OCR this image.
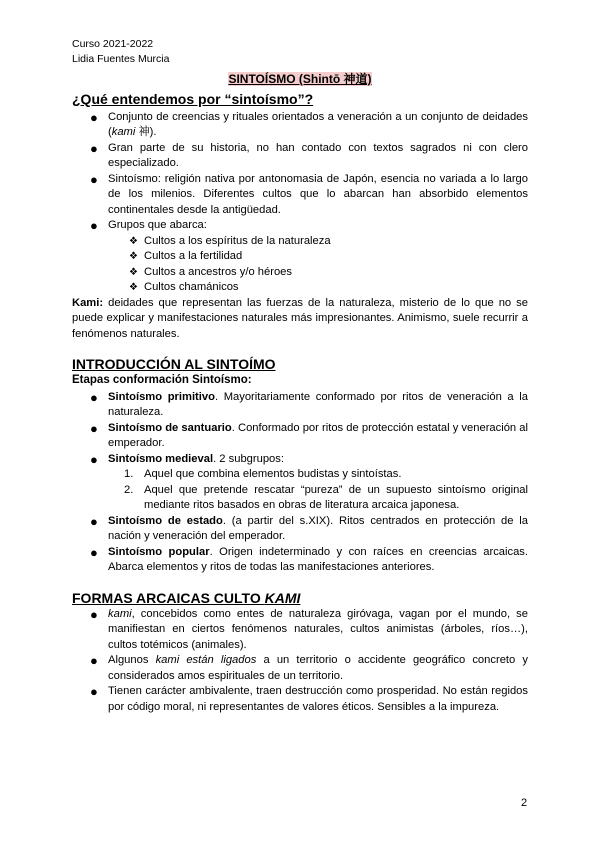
Curso 2021-2022
Lidia Fuentes Murcia
SINTOÍSMO (Shintō 神道)
¿Qué entendemos por “sintoísmo”?
● Conjunto de creencias y rituales orientados a veneración a un conjunto de deidades (kami 神).
● Gran parte de su historia, no han contado con textos sagrados ni con clero especializado.
● Sintoísmo: religión nativa por antonomasia de Japón, esencia no variada a lo largo de los milenios. Diferentes cultos que lo abarcan han absorbido elementos continentales desde la antigüedad.
● Grupos que abarca:
❖ Cultos a los espíritus de la naturaleza
❖ Cultos a la fertilidad
❖ Cultos a ancestros y/o héroes
❖ Cultos chamánicos

Kami: deidades que representan las fuerzas de la naturaleza, misterio de lo que no se puede explicar y manifestaciones naturales más impresionantes. Animismo, suele recurrir a fenómenos naturales.

INTRODUCCIÓN AL SINTOÍMO
Etapas conformación Sintoísmo:
● Sintoísmo primitivo. Mayoritariamente conformado por ritos de veneración a la naturaleza.
● Sintoísmo de santuario. Conformado por ritos de protección estatal y veneración al emperador.
● Sintoísmo medieval. 2 subgrupos:
1. Aquel que combina elementos budistas y sintoístas.
2. Aquel que pretende rescatar “pureza” de un supuesto sintoísmo original mediante ritos basados en obras de literatura arcaica japonesa.
● Sintoísmo de estado. (a partir del s.XIX). Ritos centrados en protección de la nación y veneración del emperador.
● Sintoísmo popular. Origen indeterminado y con raíces en creencias arcaicas. Abarca elementos y ritos de todas las manifestaciones anteriores.
FORMAS ARCAICAS CULTO KAMI
● kami, concebidos como entes de naturaleza giróvaga, vagan por el mundo, se manifiestan en ciertos fenómenos naturales, cultos animistas (árboles, ríos…), cultos totémicos (animales).
● Algunos kami están ligados a un territorio o accidente geográfico concreto y considerados amos espirituales de un territorio.
● Tienen carácter ambivalente, traen destrucción como prosperidad. No están regidos por código moral, ni representantes de valores éticos. Sensibles a la impureza.
2
